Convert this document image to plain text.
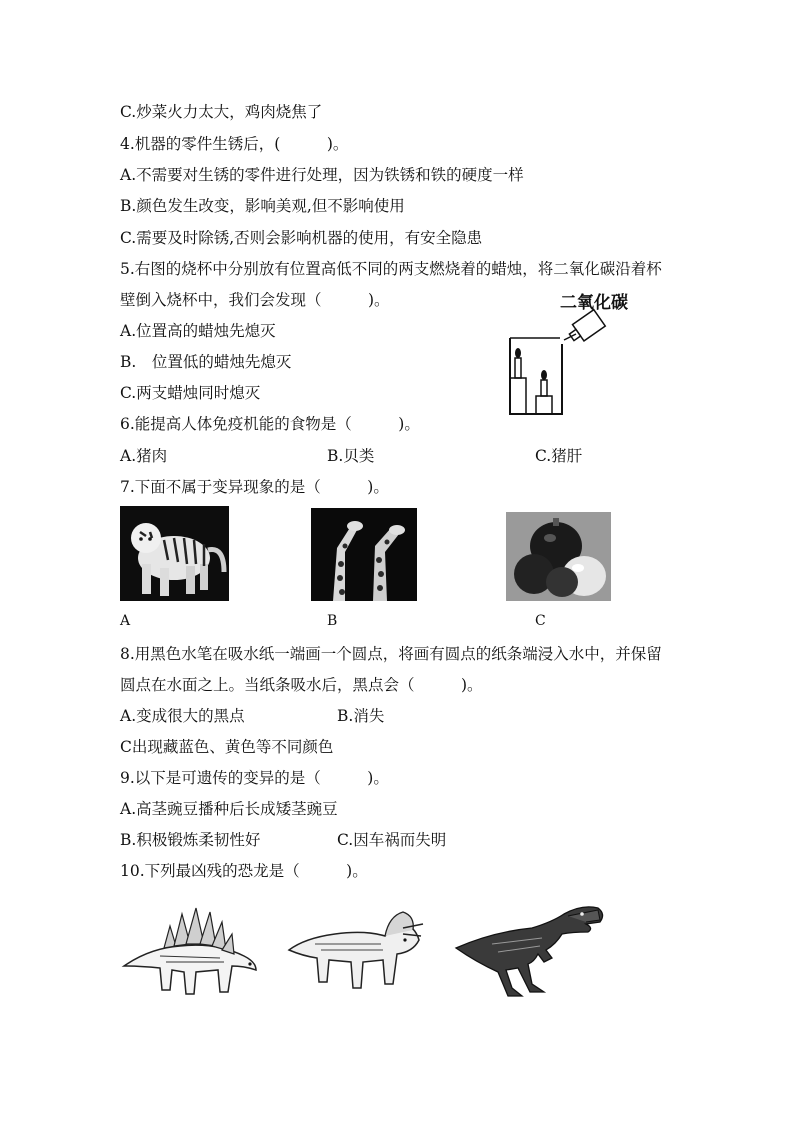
C.炒菜火力太大，鸡肉烧焦了
4.机器的零件生锈后，(　　　)。
A.不需要对生锈的零件进行处理，因为铁锈和铁的硬度一样
B.颜色发生改变，影响美观,但不影响使用
C.需要及时除锈,否则会影响机器的使用，有安全隐患
5.右图的烧杯中分别放有位置高低不同的两支燃烧着的蜡烛，将二氧化碳沿着杯
壁倒入烧杯中，我们会发现（　　　)。
A.位置高的蜡烛先熄灭
B.　位置低的蜡烛先熄灭
C.两支蜡烛同时熄灭
二氧化碳
6.能提高人体免疫机能的食物是（　　　)。
A.猪肉	B.贝类	C.猪肝
7.下面不属于变异现象的是（　　　)。
A	B	C
8.用黑色水笔在吸水纸一端画一个圆点，将画有圆点的纸条端浸入水中，并保留
圆点在水面之上。当纸条吸水后，黑点会（　　　)。
A.变成很大的黑点	B.消失
C出现藏蓝色、黄色等不同颜色
9.以下是可遗传的变异的是（　　　)。
A.高茎豌豆播种后长成矮茎豌豆
B.积极锻炼柔韧性好	C.因车祸而失明
10.下列最凶残的恐龙是（　　　)。
